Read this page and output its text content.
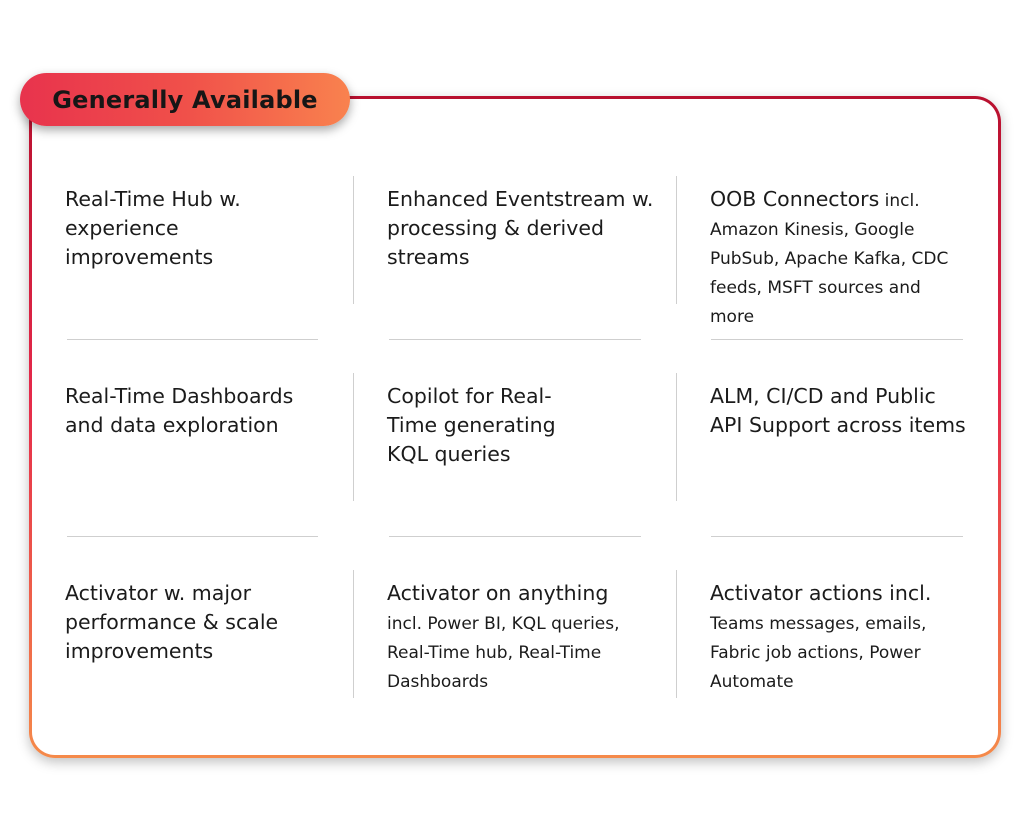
Generally Available
Real-Time Hub w. experience improvements
Enhanced Eventstream w. processing & derived streams
OOB Connectors incl.
Amazon Kinesis, Google PubSub, Apache Kafka, CDC feeds, MSFT sources and more
Real-Time Dashboards and data exploration
Copilot for Real-Time generating KQL queries
ALM, CI/CD and Public API Support across items
Activator w. major performance & scale improvements
Activator on anything
incl. Power BI, KQL queries, Real-Time hub, Real-Time Dashboards
Activator actions incl.
Teams messages, emails, Fabric job actions, Power Automate
